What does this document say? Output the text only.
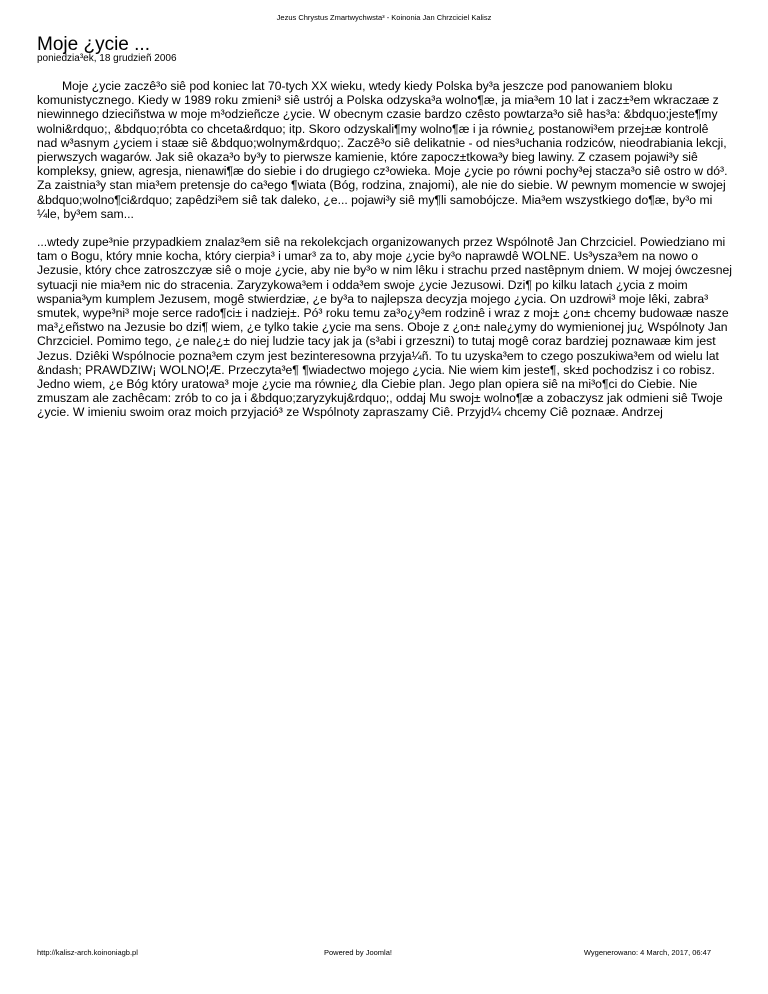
Jezus Chrystus Zmartwychwsta³ - Koinonia Jan Chrzciciel Kalisz
Moje ¿ycie ...
poniedzia³ek, 18 grudzieñ 2006

Moje ¿ycie zaczê³o siê pod koniec lat 70-tych XX wieku, wtedy kiedy Polska by³a jeszcze pod panowaniem bloku komunistycznego. Kiedy w 1989 roku zmieni³ siê ustrój a Polska odzyska³a wolno¶æ, ja mia³em 10 lat i zacz±³em wkraczaæ z niewinnego dzieciñstwa w moje m³odzieñcze ¿ycie. W obecnym czasie bardzo czêsto powtarza³o siê has³a: &bdquo;jeste¶my wolni&rdquo;, &bdquo;róbta co chceta&rdquo; itp. Skoro odzyskali¶my wolno¶æ i ja równie¿ postanowi³em przej±æ kontrolê nad w³asnym ¿yciem i staæ siê &bdquo;wolnym&rdquo;. Zaczê³o siê delikatnie - od nies³uchania rodziców, nieodrabiania lekcji, pierwszych wagarów. Jak siê okaza³o by³y to pierwsze kamienie, które zapocz±tkowa³y bieg lawiny. Z czasem pojawi³y siê kompleksy, gniew, agresja, nienawi¶æ do siebie i do drugiego cz³owieka. Moje ¿ycie po równi pochy³ej stacza³o siê ostro w dó³. Za zaistnia³y stan mia³em pretensje do ca³ego ¶wiata (Bóg, rodzina, znajomi), ale nie do siebie. W pewnym momencie w swojej &bdquo;wolno¶ci&rdquo; zapêdzi³em siê tak daleko, ¿e... pojawi³y siê my¶li samobójcze. Mia³em wszystkiego do¶æ, by³o mi ¼le, by³em sam...

...wtedy zupe³nie przypadkiem znalaz³em siê na rekolekcjach organizowanych przez Wspólnotê Jan Chrzciciel. Powiedziano mi tam o Bogu, który mnie kocha, który cierpia³ i umar³ za to, aby moje ¿ycie by³o naprawdê WOLNE. Us³ysza³em na nowo o Jezusie, który chce zatroszczyæ siê o moje ¿ycie, aby nie by³o w nim lêku i strachu przed nastêpnym dniem. W mojej ówczesnej sytuacji nie mia³em nic do stracenia. Zaryzykowa³em i odda³em swoje ¿ycie Jezusowi. Dzi¶ po kilku latach ¿ycia z moim wspania³ym kumplem Jezusem, mogê stwierdziæ, ¿e by³a to najlepsza decyzja mojego ¿ycia. On uzdrowi³ moje lêki, zabra³ smutek, wype³ni³ moje serce rado¶ci± i nadziej±. Pó³ roku temu za³o¿y³em rodzinê i wraz z moj± ¿on± chcemy budowaæ nasze ma³¿eñstwo na Jezusie bo dzi¶ wiem, ¿e tylko takie ¿ycie ma sens. Oboje z ¿on± nale¿ymy do wymienionej ju¿ Wspólnoty Jan Chrzciciel. Pomimo tego, ¿e nale¿± do niej ludzie tacy jak ja (s³abi i grzeszni) to tutaj mogê coraz bardziej poznawaæ kim jest Jezus. Dziêki Wspólnocie pozna³em czym jest bezinteresowna przyja¼ñ. To tu uzyska³em to czego poszukiwa³em od wielu lat &ndash; PRAWDZIW¡ WOLNO¦Æ. Przeczyta³e¶ ¶wiadectwo mojego ¿ycia. Nie wiem kim jeste¶, sk±d pochodzisz i co robisz. Jedno wiem, ¿e Bóg który uratowa³ moje ¿ycie ma równie¿ dla Ciebie plan. Jego plan opiera siê na mi³o¶ci do Ciebie. Nie zmuszam ale zachêcam: zrób to co ja i &bdquo;zaryzykuj&rdquo;, oddaj Mu swoj± wolno¶æ a zobaczysz jak odmieni siê Twoje ¿ycie. W imieniu swoim oraz moich przyjació³ ze Wspólnoty zapraszamy Ciê. Przyjd¼ chcemy Ciê poznaæ. Andrzej

http://kalisz-arch.koinoniagb.pl	Powered by Joomla!	Wygenerowano: 4 March, 2017, 06:47
